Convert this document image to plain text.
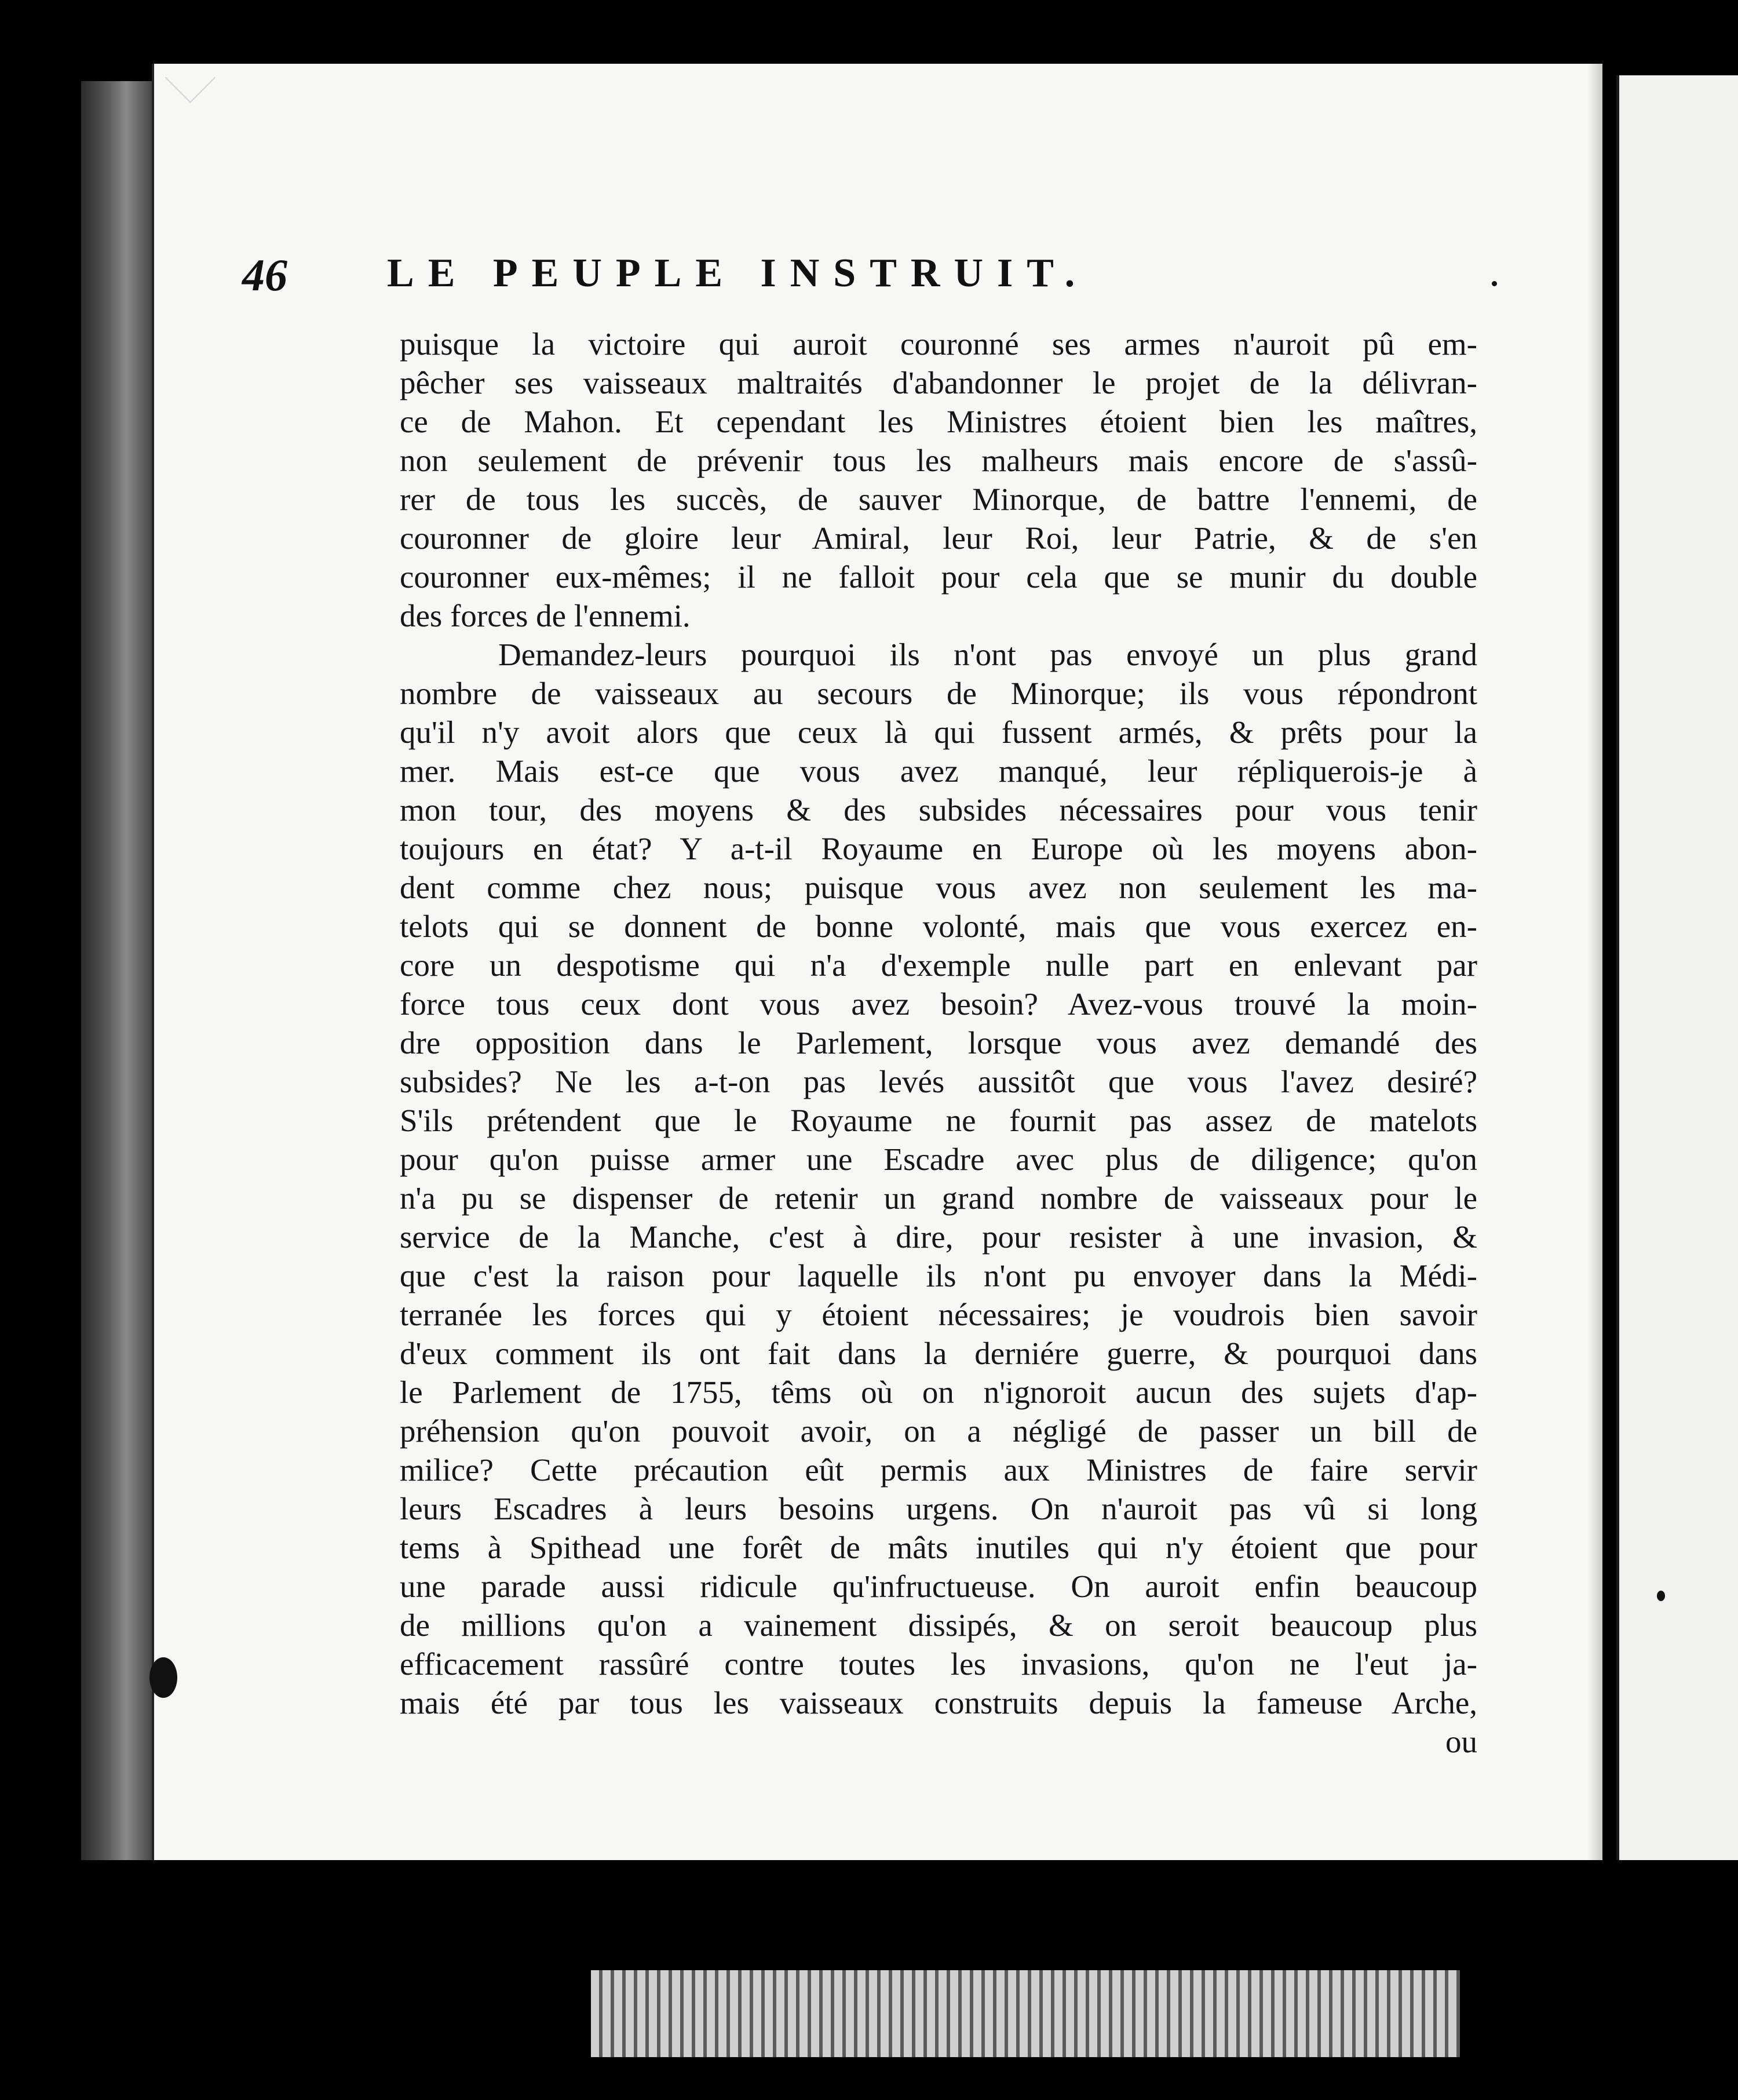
46 LE PEUPLE INSTRUIT.
puisque la victoire qui auroit couronné ses armes n'auroit pû em-
pêcher ses vaisseaux maltraités d'abandonner le projet de la délivran-
ce de Mahon. Et cependant les Ministres étoient bien les maîtres,
non seulement de prévenir tous les malheurs mais encore de s'assû-
rer de tous les succès, de sauver Minorque, de battre l'ennemi, de
couronner de gloire leur Amiral, leur Roi, leur Patrie, & de s'en
couronner eux-mêmes; il ne falloit pour cela que se munir du double
des forces de l'ennemi.
Demandez-leurs pourquoi ils n'ont pas envoyé un plus grand
nombre de vaisseaux au secours de Minorque; ils vous répondront
qu'il n'y avoit alors que ceux là qui fussent armés, & prêts pour la
mer. Mais est-ce que vous avez manqué, leur répliquerois-je à
mon tour, des moyens & des subsides nécessaires pour vous tenir
toujours en état? Y a-t-il Royaume en Europe où les moyens abon-
dent comme chez nous; puisque vous avez non seulement les ma-
telots qui se donnent de bonne volonté, mais que vous exercez en-
core un despotisme qui n'a d'exemple nulle part en enlevant par
force tous ceux dont vous avez besoin? Avez-vous trouvé la moin-
dre opposition dans le Parlement, lorsque vous avez demandé des
subsides? Ne les a-t-on pas levés aussitôt que vous l'avez desiré?
S'ils prétendent que le Royaume ne fournit pas assez de matelots
pour qu'on puisse armer une Escadre avec plus de diligence; qu'on
n'a pu se dispenser de retenir un grand nombre de vaisseaux pour le
service de la Manche, c'est à dire, pour resister à une invasion, &
que c'est la raison pour laquelle ils n'ont pu envoyer dans la Médi-
terranée les forces qui y étoient nécessaires; je voudrois bien savoir
d'eux comment ils ont fait dans la derniére guerre, & pourquoi dans
le Parlement de 1755, têms où on n'ignoroit aucun des sujets d'ap-
préhension qu'on pouvoit avoir, on a négligé de passer un bill de
milice? Cette précaution eût permis aux Ministres de faire servir
leurs Escadres à leurs besoins urgens. On n'auroit pas vû si long
tems à Spithead une forêt de mâts inutiles qui n'y étoient que pour
une parade aussi ridicule qu'infructueuse. On auroit enfin beaucoup
de millions qu'on a vainement dissipés, & on seroit beaucoup plus
efficacement rassûré contre toutes les invasions, qu'on ne l'eut ja-
mais été par tous les vaisseaux construits depuis la fameuse Arche,
ou
